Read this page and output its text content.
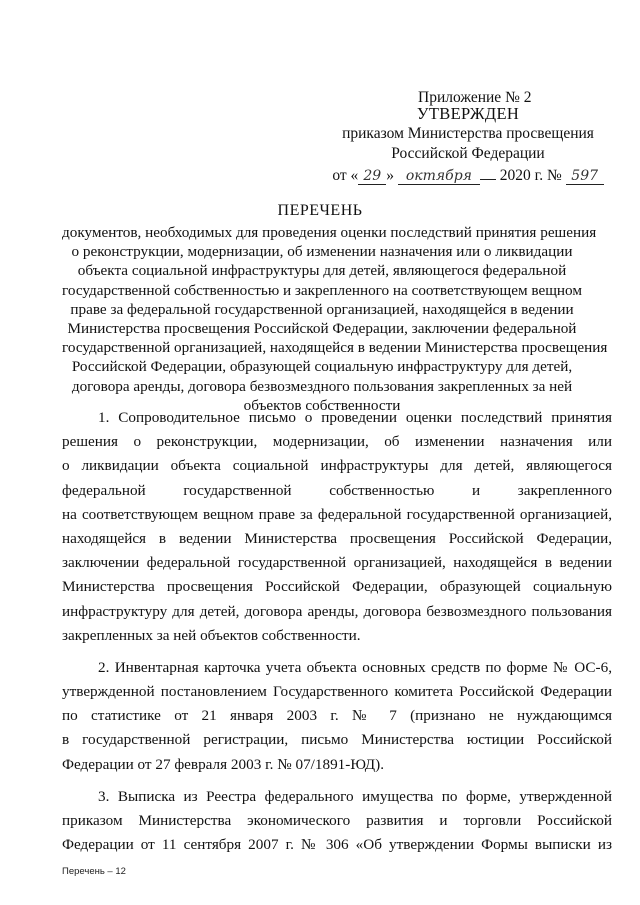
Приложение № 2
УТВЕРЖДЕН
приказом Министерства просвещения
Российской Федерации
от « 29 » октября 2020 г. № 597
ПЕРЕЧЕНЬ
документов, необходимых для проведения оценки последствий принятия решения
о реконструкции, модернизации, об изменении назначения или о ликвидации
объекта социальной инфраструктуры для детей, являющегося федеральной
государственной собственностью и закрепленного на соответствующем вещном
праве за федеральной государственной организацией, находящейся в ведении
Министерства просвещения Российской Федерации, заключении федеральной
государственной организацией, находящейся в ведении Министерства просвещения
Российской Федерации, образующей социальную инфраструктуру для детей,
договора аренды, договора безвозмездного пользования закрепленных за ней
объектов собственности
1. Сопроводительное письмо о проведении оценки последствий принятия
решения о реконструкции, модернизации, об изменении назначения или
о ликвидации объекта социальной инфраструктуры для детей, являющегося
федеральной государственной собственностью и закрепленного
на соответствующем вещном праве за федеральной государственной организацией,
находящейся в ведении Министерства просвещения Российской Федерации,
заключении федеральной государственной организацией, находящейся в ведении
Министерства просвещения Российской Федерации, образующей социальную
инфраструктуру для детей, договора аренды, договора безвозмездного пользования
закрепленных за ней объектов собственности.
2. Инвентарная карточка учета объекта основных средств по форме № ОС-6,
утвержденной постановлением Государственного комитета Российской Федерации
по статистике от 21 января 2003 г. № 7 (признано не нуждающимся
в государственной регистрации, письмо Министерства юстиции Российской
Федерации от 27 февраля 2003 г. № 07/1891-ЮД).
3. Выписка из Реестра федерального имущества по форме, утвержденной
приказом Министерства экономического развития и торговли Российской
Федерации от 11 сентября 2007 г. № 306 «Об утверждении Формы выписки из
Перечень – 12
